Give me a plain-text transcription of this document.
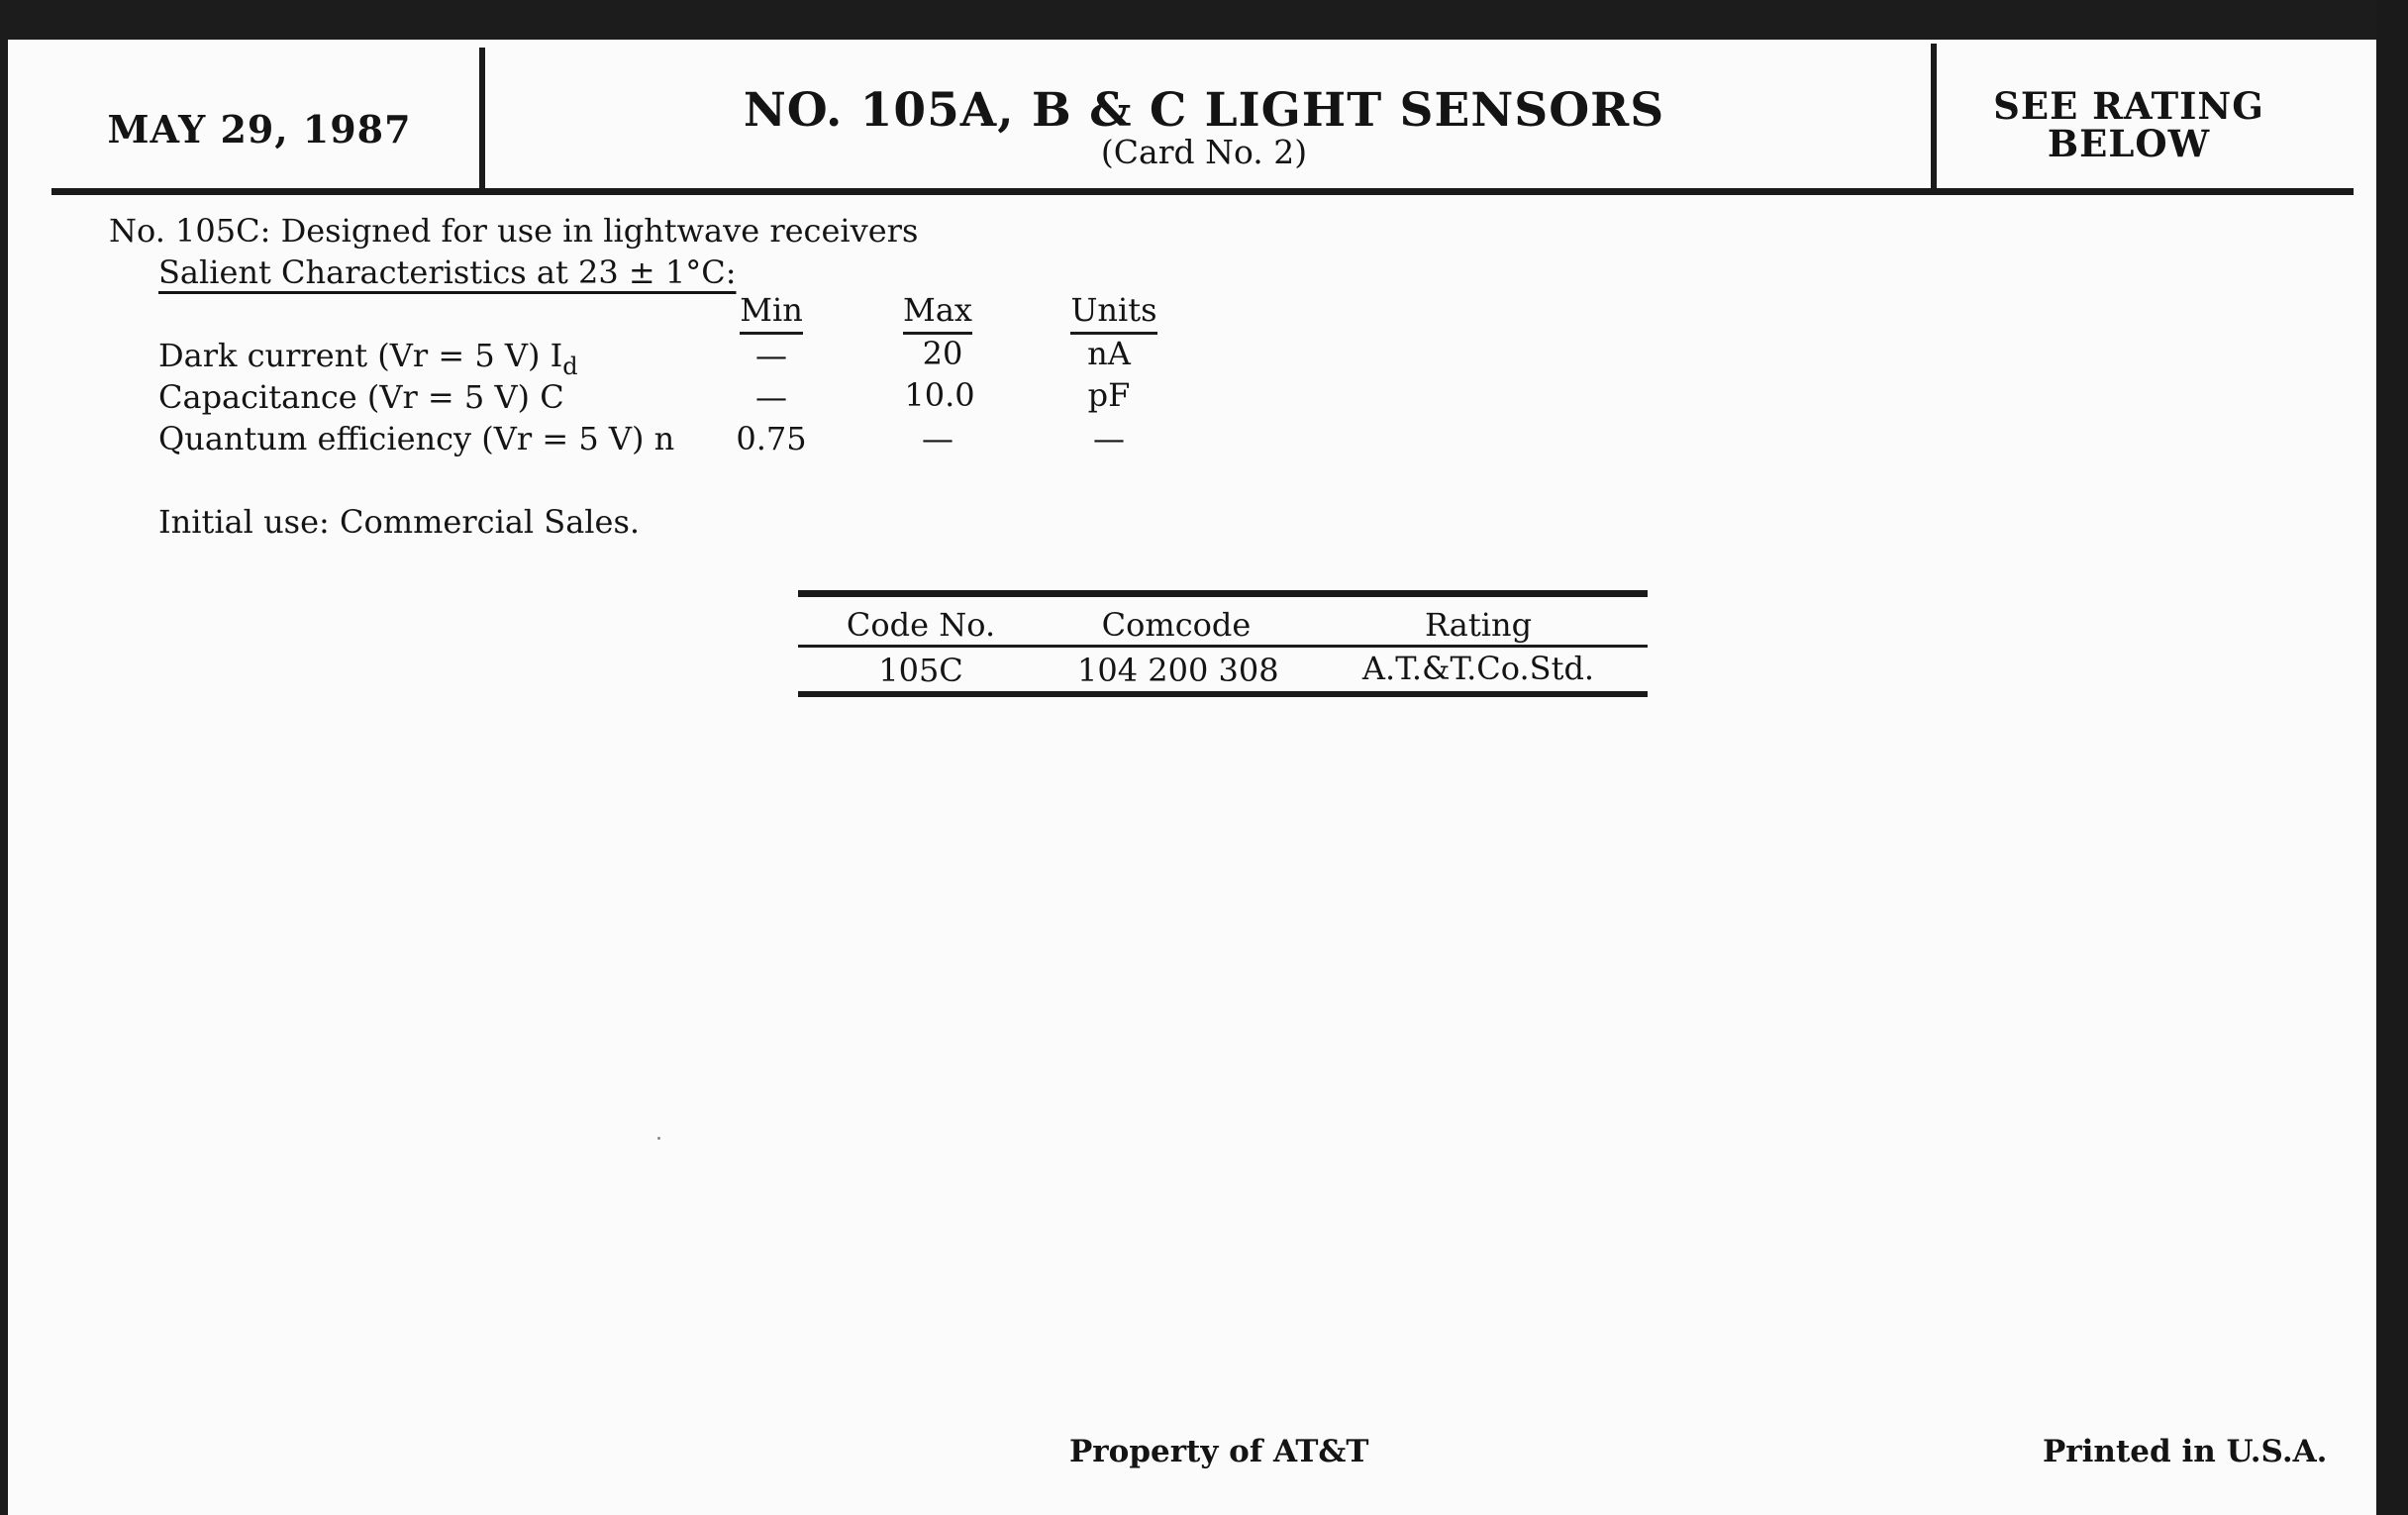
MAY 29, 1987	NO. 105A, B & C LIGHT SENSORS
(Card No. 2)
SEE RATING
BELOW
No. 105C: Designed for use in lightwave receivers
Salient Characteristics at 23 ± 1°C:
Min	Max	Units
Dark current (Vr = 5 V) $I_d$	—	20	nA
Capacitance (Vr = 5 V) C	—	10.0	pF
Quantum efficiency (Vr = 5 V) n	0.75	—	—
Initial use: Commercial Sales.
Code No.	Comcode	Rating
105C	104 200 308	A.T.&T.Co.Std.
Property of AT&T	Printed in U.S.A.
